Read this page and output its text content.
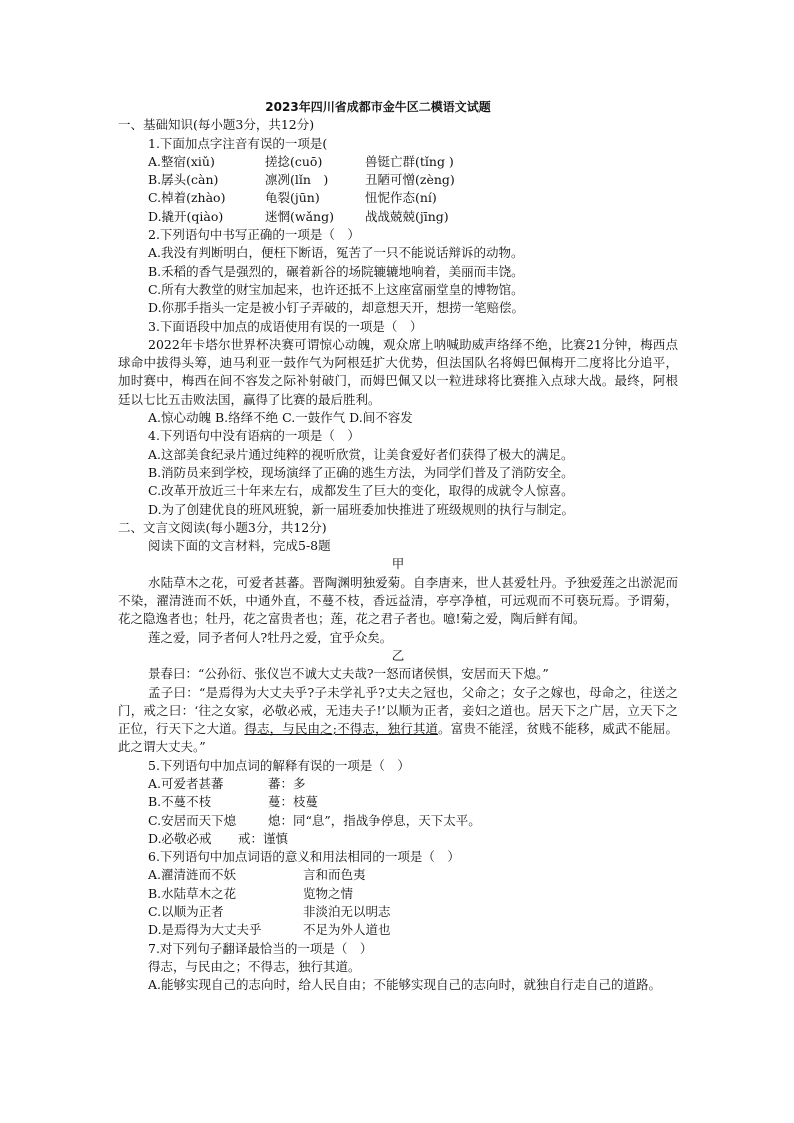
2023年四川省成都市金牛区二模语文试题
一、基础知识(每小题3分，共12分)
1.下面加点字注音有误的一项是(
A.整宿(xiǔ)	搓捻(cuō)	兽铤亡群(tǐng )
B.孱头(càn)	凛冽(lǐn　)	丑陋可憎(zèng)
C.棹着(zhào)	龟裂(jūn)	忸怩作态(ní)
D.撬开(qiào)	迷惘(wǎng)	战战兢兢(jīng)
2.下列语句中书写正确的一项是（　）
A.我没有判断明白，便枉下断语，冤苦了一只不能说话辩诉的动物。
B.禾稻的香气是强烈的，碾着新谷的场院辘辘地响着，美丽而丰饶。
C.所有大教堂的财宝加起来，也许还抵不上这座富丽堂皇的博物馆。
D.你那手指头一定是被小钉子弄破的，却意想天开，想捞一笔赔偿。
3.下面语段中加点的成语使用有误的一项是（　）
2022年卡塔尔世界杯决赛可谓惊心动魄，观众席上呐喊助威声络绎不绝，比赛21分钟，梅西点球命中拔得头筹，迪马利亚一鼓作气为阿根廷扩大优势，但法国队名将姆巴佩梅开二度将比分追平，加时赛中，梅西在间不容发之际补射破门，而姆巴佩又以一粒进球将比赛推入点球大战。最终，阿根廷以七比五击败法国，赢得了比赛的最后胜利。
A.惊心动魄 B.络绎不绝 C.一鼓作气 D.间不容发
4.下列语句中没有语病的一项是（　）
A.这部美食纪录片通过纯粹的视听欣赏，让美食爱好者们获得了极大的满足。
B.消防员来到学校，现场演绎了正确的逃生方法，为同学们普及了消防安全。
C.改革开放近三十年来左右，成都发生了巨大的变化，取得的成就令人惊喜。
D.为了创建优良的班风班貌，新一届班委加快推进了班级规则的执行与制定。
二、文言文阅读(每小题3分，共12分)
阅读下面的文言材料，完成5-8题
甲
水陆草木之花，可爱者甚蕃。晋陶渊明独爱菊。自李唐来，世人甚爱牡丹。予独爱莲之出淤泥而不染，濯清涟而不妖，中通外直，不蔓不枝，香远益清，亭亭净植，可远观而不可亵玩焉。予谓菊，花之隐逸者也；牡丹，花之富贵者也；莲，花之君子者也。噫!菊之爱，陶后鲜有闻。
莲之爱，同予者何人?牡丹之爱，宜乎众矣。
乙
景春曰：“公孙衍、张仪岂不诚大丈夫哉?一怒而诸侯惧，安居而天下熄。”
孟子曰：“是焉得为大丈夫乎?子未学礼乎?丈夫之冠也，父命之；女子之嫁也，母命之，往送之门，戒之曰：‘往之女家，必敬必戒，无违夫子!’以顺为正者，妾妇之道也。居天下之广居，立天下之正位，行天下之大道。得志，与民由之;不得志，独行其道。富贵不能淫，贫贱不能移，威武不能屈。此之谓大丈夫。”
5.下列语句中加点词的解释有误的一项是（　）
A.可爱者甚蕃	蕃：多
B.不蔓不枝	蔓：枝蔓
C.安居而天下熄	熄：同“息”，指战争停息，天下太平。
D.必敬必戒	戒：谨慎
6.下列语句中加点词语的意义和用法相同的一项是（　）
A.濯清涟而不妖	言和而色夷
B.水陆草木之花	览物之情
C.以顺为正者	非淡泊无以明志
D.是焉得为大丈夫乎	不足为外人道也
7.对下列句子翻译最恰当的一项是（　）
得志，与民由之；不得志，独行其道。
A.能够实现自己的志向时，给人民自由；不能够实现自己的志向时，就独自行走自己的道路。
